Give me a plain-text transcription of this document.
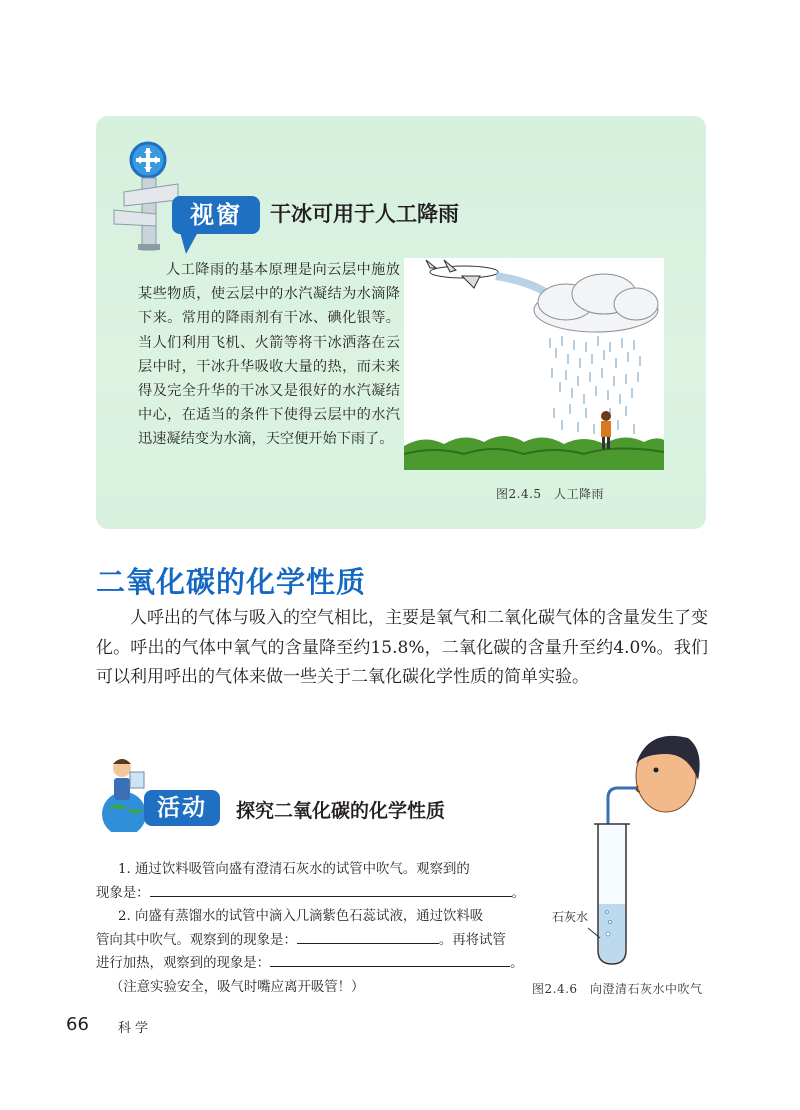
视窗	干冰可用于人工降雨

人工降雨的基本原理是向云层中施放某些物质，使云层中的水汽凝结为水滴降下来。常用的降雨剂有干冰、碘化银等。当人们利用飞机、火箭等将干冰洒落在云层中时，干冰升华吸收大量的热，而未来得及完全升华的干冰又是很好的水汽凝结中心，在适当的条件下使得云层中的水汽迅速凝结变为水滴，天空便开始下雨了。

图2.4.5　人工降雨
二氧化碳的化学性质

人呼出的气体与吸入的空气相比，主要是氧气和二氧化碳气体的含量发生了变化。呼出的气体中氧气的含量降至约15.8%，二氧化碳的含量升至约4.0%。我们可以利用呼出的气体来做一些关于二氧化碳化学性质的简单实验。

活动	探究二氧化碳的化学性质
1. 通过饮料吸管向盛有澄清石灰水的试管中吹气。观察到的
现象是：	。
2. 向盛有蒸馏水的试管中滴入几滴紫色石蕊试液，通过饮料吸
管向其中吹气。观察到的现象是：	。再将试管
进行加热，观察到的现象是：	。
（注意实验安全，吸气时嘴应离开吸管！）
石灰水
图2.4.6　向澄清石灰水中吹气
66 科学
